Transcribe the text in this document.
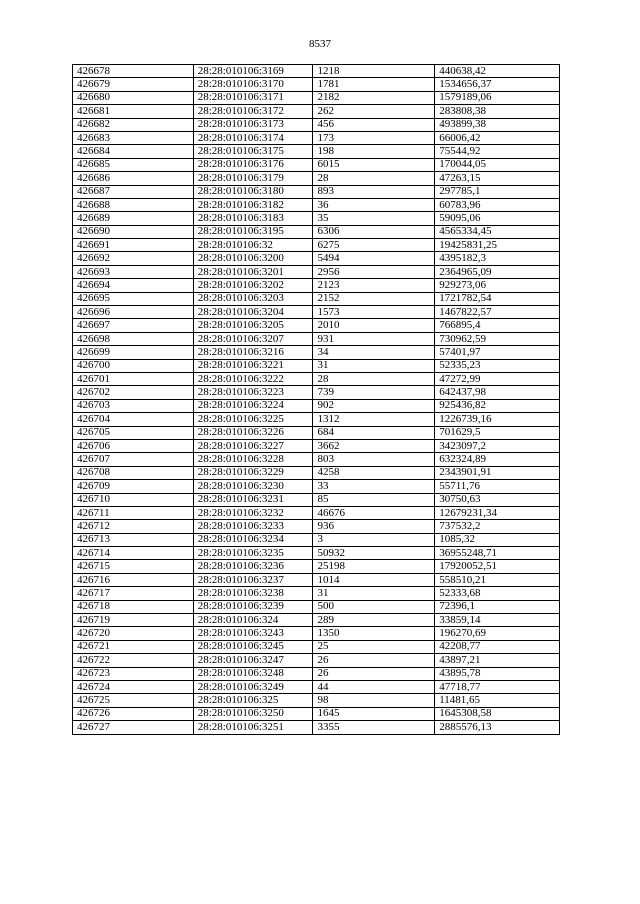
8537
426678	28:28:010106:3169	1218	440638,42
426679	28:28:010106:3170	1781	1534656,37
426680	28:28:010106:3171	2182	1579189,06
426681	28:28:010106:3172	262	283808,38
426682	28:28:010106:3173	456	493899,38
426683	28:28:010106:3174	173	66006,42
426684	28:28:010106:3175	198	75544,92
426685	28:28:010106:3176	6015	170044,05
426686	28:28:010106:3179	28	47263,15
426687	28:28:010106:3180	893	297785,1
426688	28:28:010106:3182	36	60783,96
426689	28:28:010106:3183	35	59095,06
426690	28:28:010106:3195	6306	4565334,45
426691	28:28:010106:32	6275	19425831,25
426692	28:28:010106:3200	5494	4395182,3
426693	28:28:010106:3201	2956	2364965,09
426694	28:28:010106:3202	2123	929273,06
426695	28:28:010106:3203	2152	1721782,54
426696	28:28:010106:3204	1573	1467822,57
426697	28:28:010106:3205	2010	766895,4
426698	28:28:010106:3207	931	730962,59
426699	28:28:010106:3216	34	57401,97
426700	28:28:010106:3221	31	52335,23
426701	28:28:010106:3222	28	47272,99
426702	28:28:010106:3223	739	642437,98
426703	28:28:010106:3224	902	925436,82
426704	28:28:010106:3225	1312	1226739,16
426705	28:28:010106:3226	684	701629,5
426706	28:28:010106:3227	3662	3423097,2
426707	28:28:010106:3228	803	632324,89
426708	28:28:010106:3229	4258	2343901,91
426709	28:28:010106:3230	33	55711,76
426710	28:28:010106:3231	85	30750,63
426711	28:28:010106:3232	46676	12679231,34
426712	28:28:010106:3233	936	737532,2
426713	28:28:010106:3234	3	1085,32
426714	28:28:010106:3235	50932	36955248,71
426715	28:28:010106:3236	25198	17920052,51
426716	28:28:010106:3237	1014	558510,21
426717	28:28:010106:3238	31	52333,68
426718	28:28:010106:3239	500	72396,1
426719	28:28:010106:324	289	33859,14
426720	28:28:010106:3243	1350	196270,69
426721	28:28:010106:3245	25	42208,77
426722	28:28:010106:3247	26	43897,21
426723	28:28:010106:3248	26	43895,78
426724	28:28:010106:3249	44	47718,77
426725	28:28:010106:325	98	11481,65
426726	28:28:010106:3250	1645	1645308,58
426727	28:28:010106:3251	3355	2885576,13
